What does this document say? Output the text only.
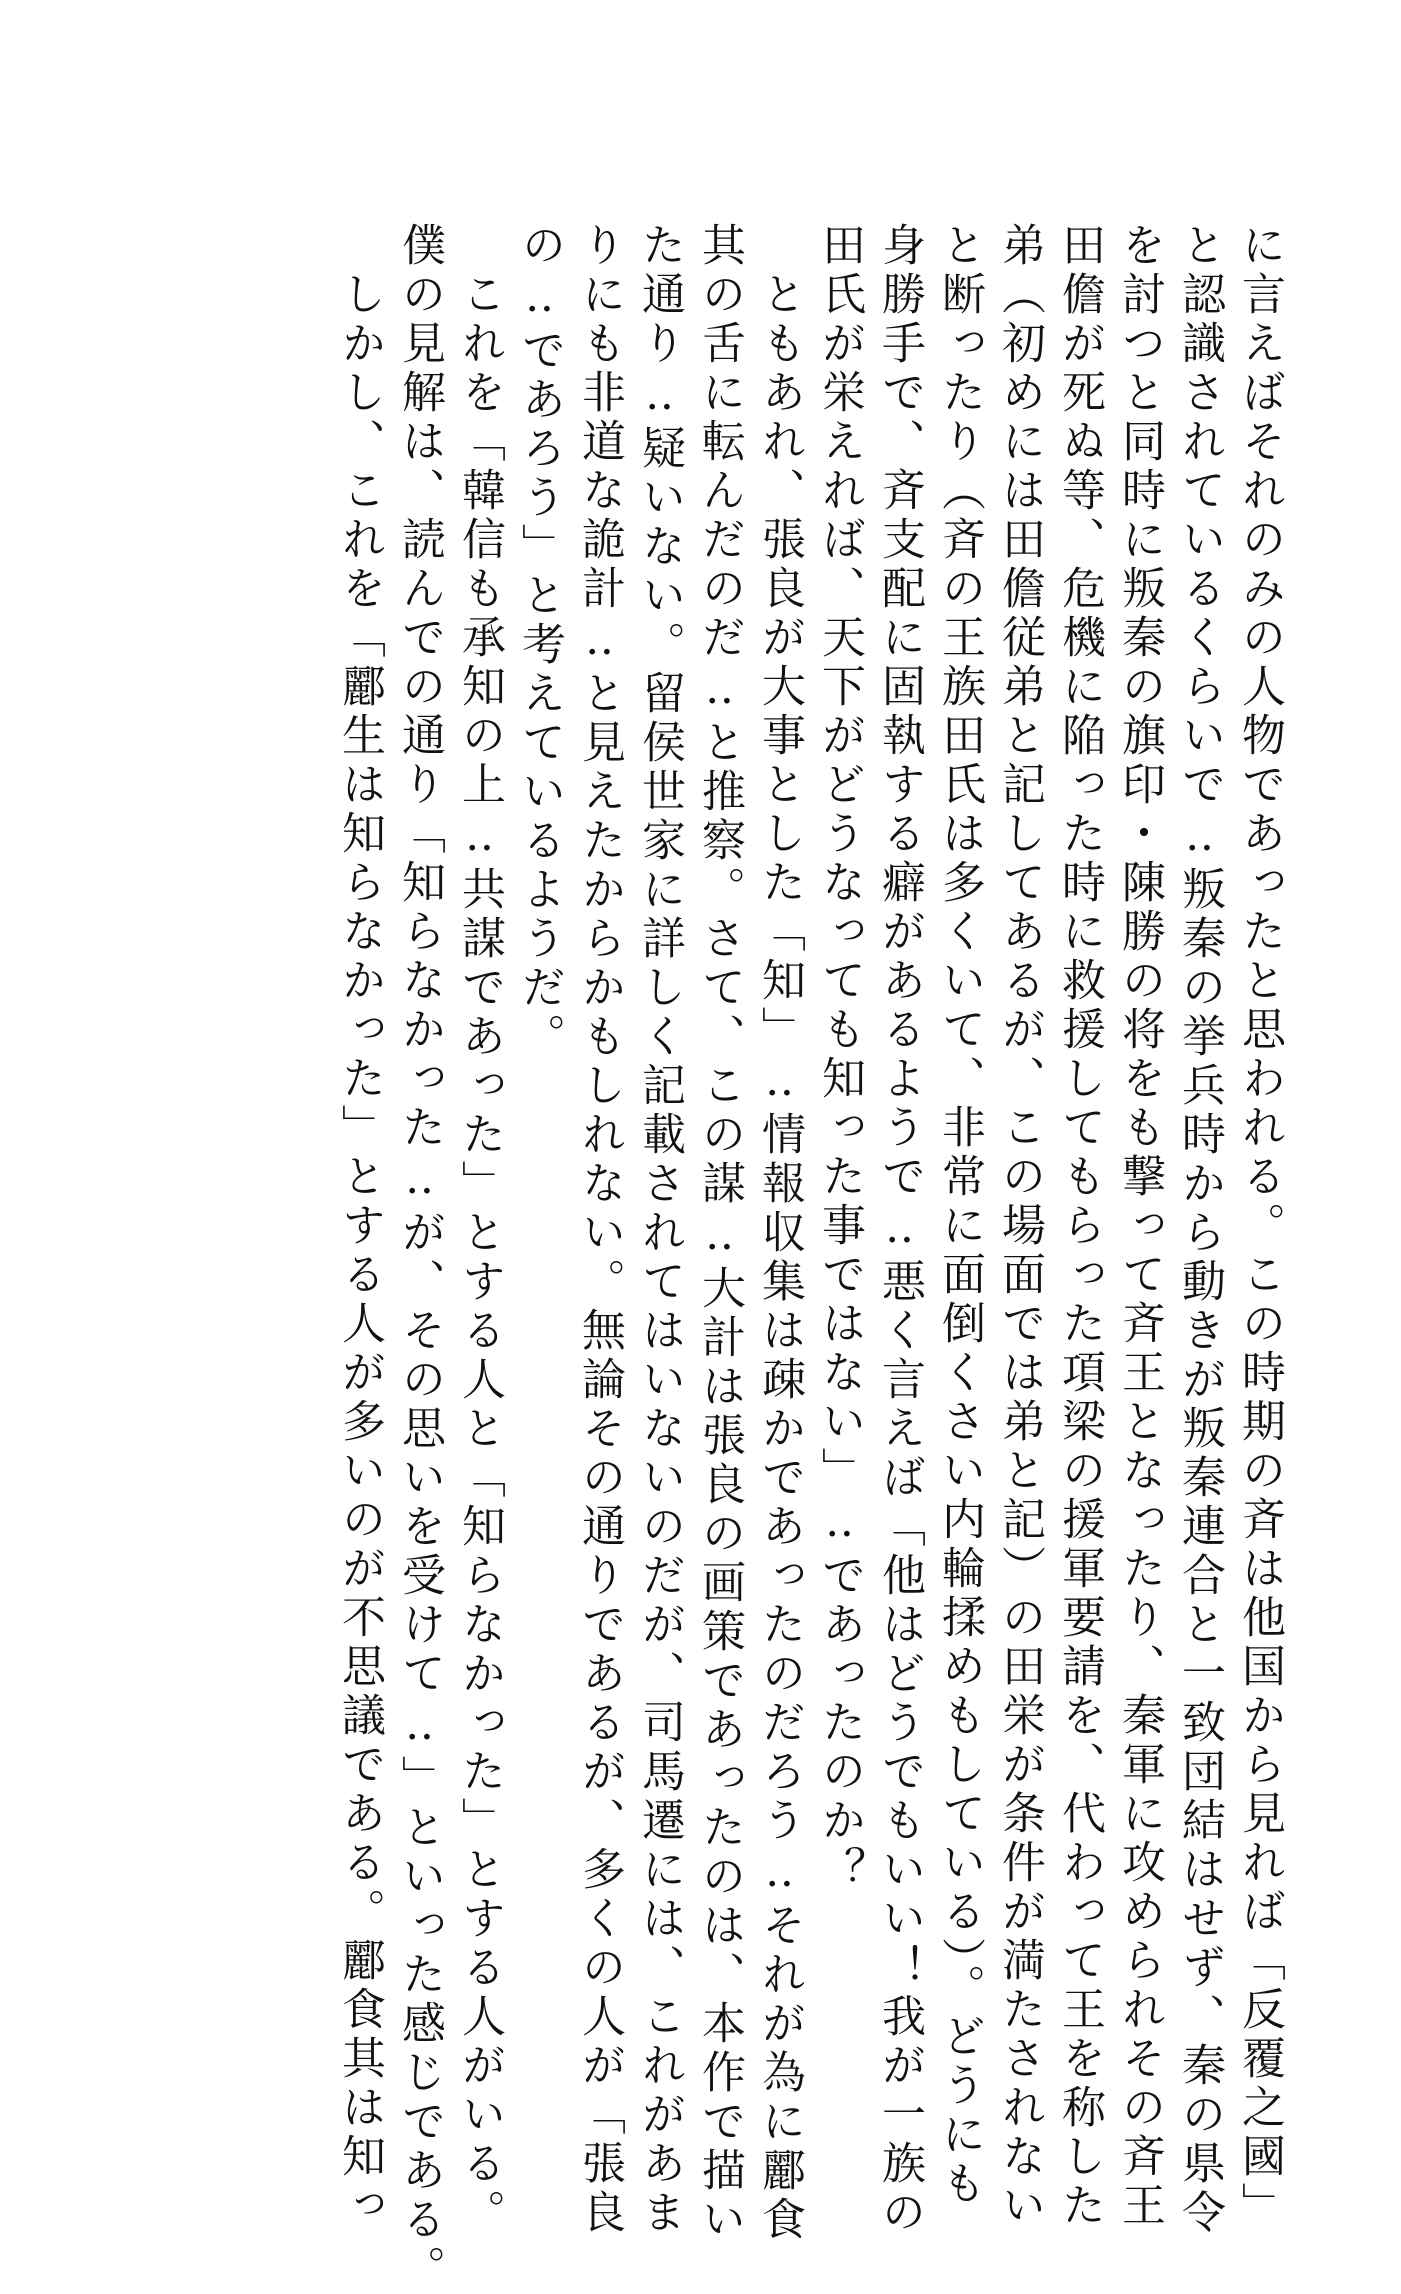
に言えばそれのみの人物であったと思われる。この時期の斉は他国から見れば「反覆之國」

と認識されているくらいで‥叛秦の挙兵時から動きが叛秦連合と一致団結はせず、秦の県令

を討つと同時に叛秦の旗印・陳勝の将をも撃って斉王となったり、秦軍に攻められその斉王

田儋が死ぬ等、危機に陥った時に救援してもらった項梁の援軍要請を、代わって王を称した

弟（初めには田儋従弟と記してあるが、この場面では弟と記）の田栄が条件が満たされない

と断ったり（斉の王族田氏は多くいて、非常に面倒くさい内輪揉めもしている）。どうにも

身勝手で、斉支配に固執する癖があるようで‥悪く言えば「他はどうでもいい！我が一族の

田氏が栄えれば、天下がどうなっても知った事ではない」‥であったのか？

　ともあれ、張良が大事とした「知」‥情報収集は疎かであったのだろう‥それが為に酈食

其の舌に転んだのだ‥と推察。さて、この謀‥大計は張良の画策であったのは、本作で描い

た通り‥疑いない。留侯世家に詳しく記載されてはいないのだが、司馬遷には、これがあま

りにも非道な詭計‥と見えたからかもしれない。無論その通りであるが、多くの人が「張良

の‥であろう」と考えているようだ。

　これを「韓信も承知の上‥共謀であった」とする人と「知らなかった」とする人がいる。

僕の見解は、読んでの通り「知らなかった‥が、その思いを受けて‥」といった感じである。

　しかし、これを「酈生は知らなかった」とする人が多いのが不思議である。酈食其は知っ
